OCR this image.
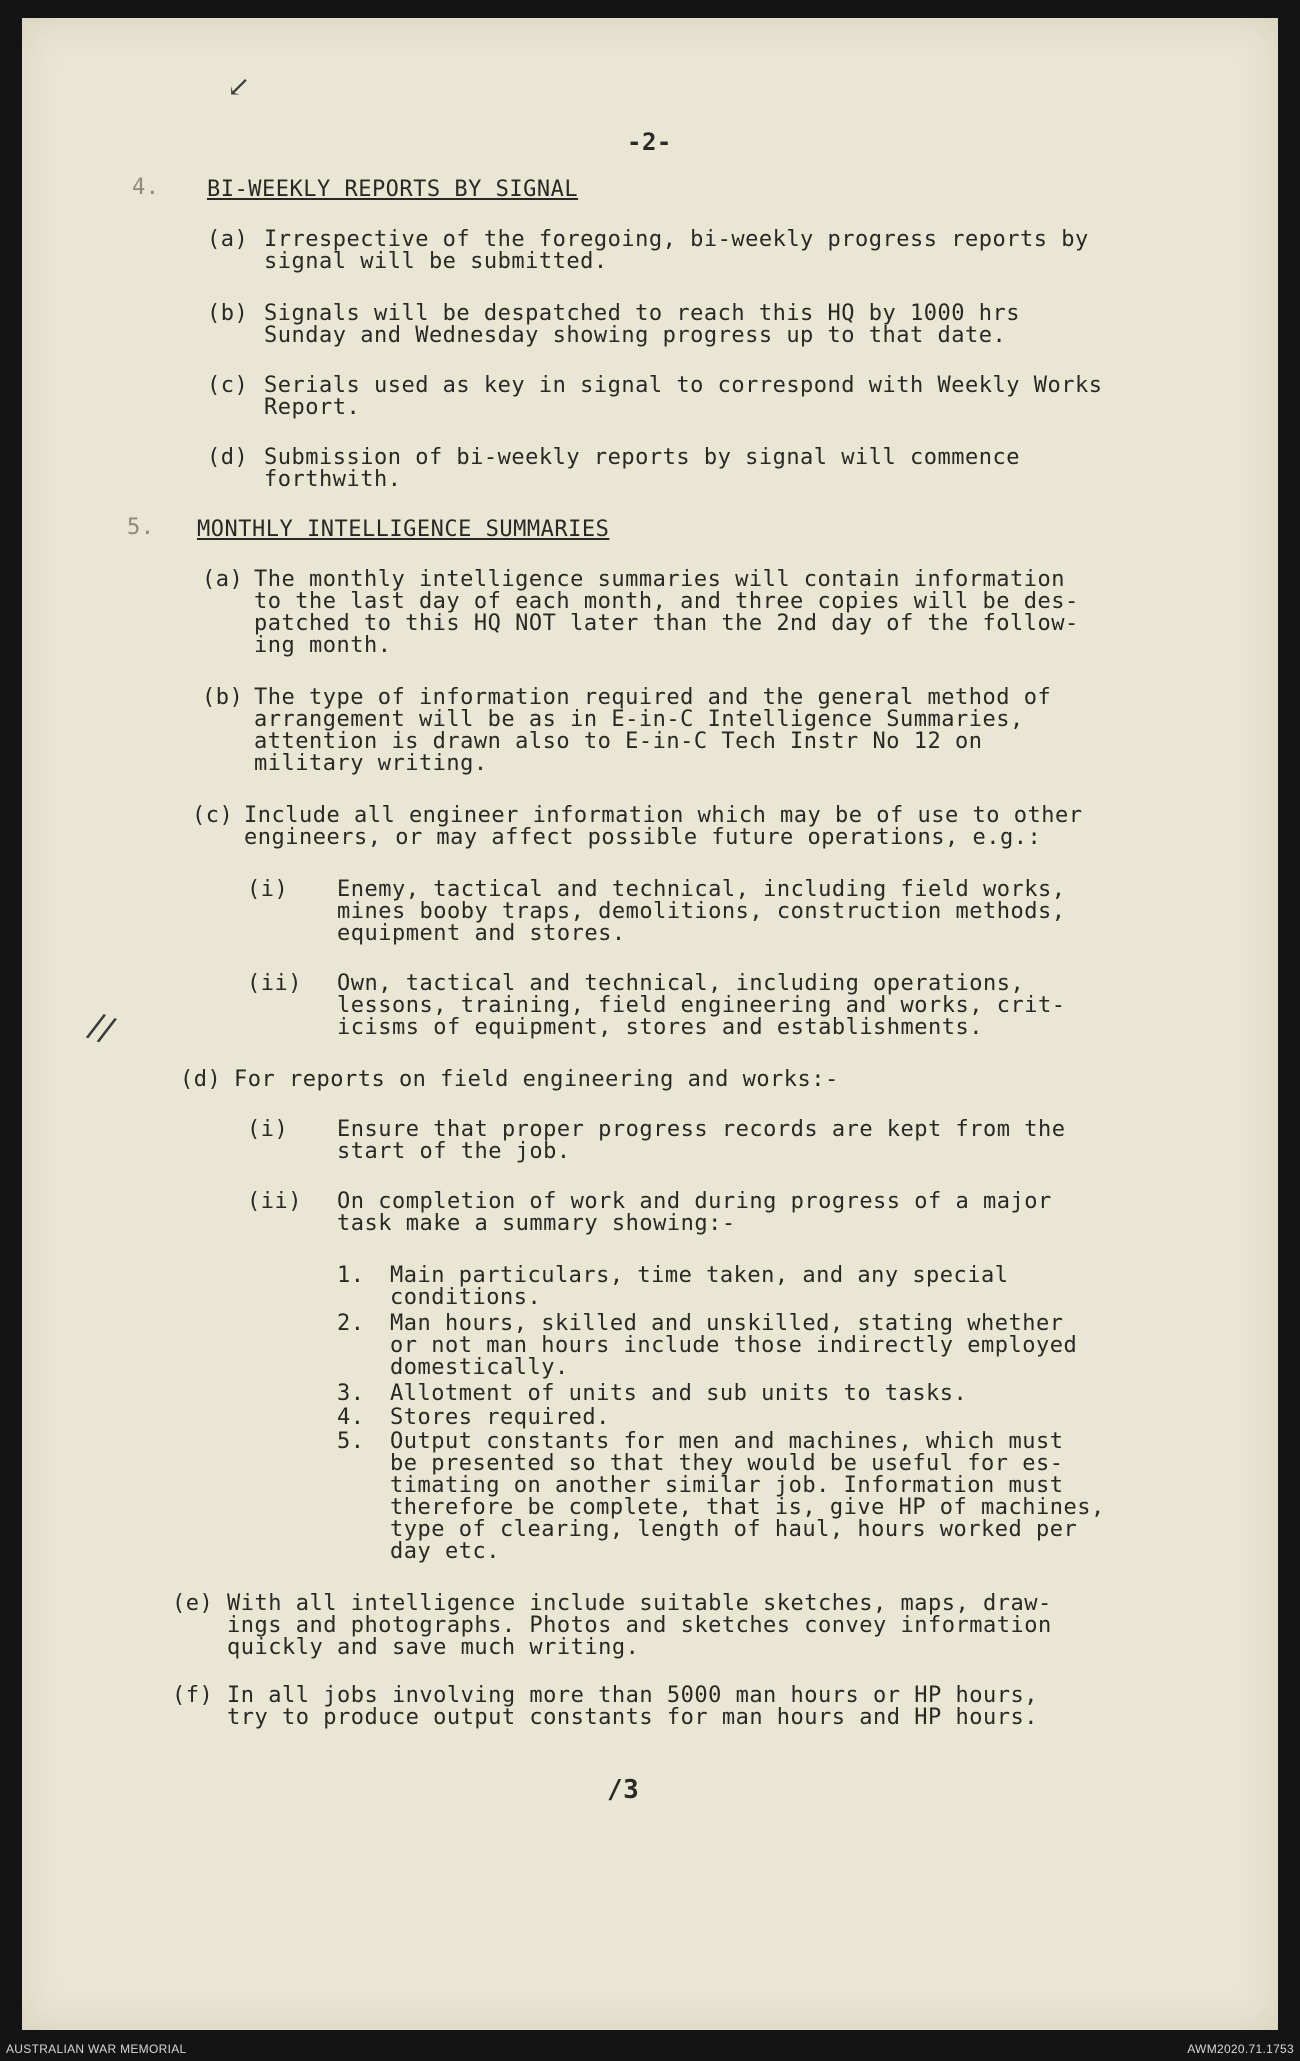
↙
//
-2-
4. BI-WEEKLY REPORTS BY SIGNAL
(a) Irrespective of the foregoing, bi-weekly progress reports by
signal will be submitted.
(b) Signals will be despatched to reach this HQ by 1000 hrs
Sunday and Wednesday showing progress up to that date.
(c) Serials used as key in signal to correspond with Weekly Works
Report.
(d) Submission of bi-weekly reports by signal will commence
forthwith.
5. MONTHLY INTELLIGENCE SUMMARIES
(a) The monthly intelligence summaries will contain information
to the last day of each month, and three copies will be des-
patched to this HQ NOT later than the 2nd day of the follow-
ing month.
(b) The type of information required and the general method of
arrangement will be as in E-in-C Intelligence Summaries,
attention is drawn also to E-in-C Tech Instr No 12 on
military writing.
(c) Include all engineer information which may be of use to other
engineers, or may affect possible future operations, e.g.:
(i) Enemy, tactical and technical, including field works,
mines booby traps, demolitions, construction methods,
equipment and stores.
(ii) Own, tactical and technical, including operations,
lessons, training, field engineering and works, crit-
icisms of equipment, stores and establishments.
(d) For reports on field engineering and works:-
(i) Ensure that proper progress records are kept from the
start of the job.
(ii) On completion of work and during progress of a major
task make a summary showing:-
1. Main particulars, time taken, and any special
conditions.
2. Man hours, skilled and unskilled, stating whether
or not man hours include those indirectly employed
domestically.
3. Allotment of units and sub units to tasks.
4. Stores required.
5. Output constants for men and machines, which must
be presented so that they would be useful for es-
timating on another similar job. Information must
therefore be complete, that is, give HP of machines,
type of clearing, length of haul, hours worked per
day etc.
(e) With all intelligence include suitable sketches, maps, draw-
ings and photographs. Photos and sketches convey information
quickly and save much writing.
(f) In all jobs involving more than 5000 man hours or HP hours,
try to produce output constants for man hours and HP hours.
/3
AUSTRALIAN WAR MEMORIAL	AWM2020.71.1753
